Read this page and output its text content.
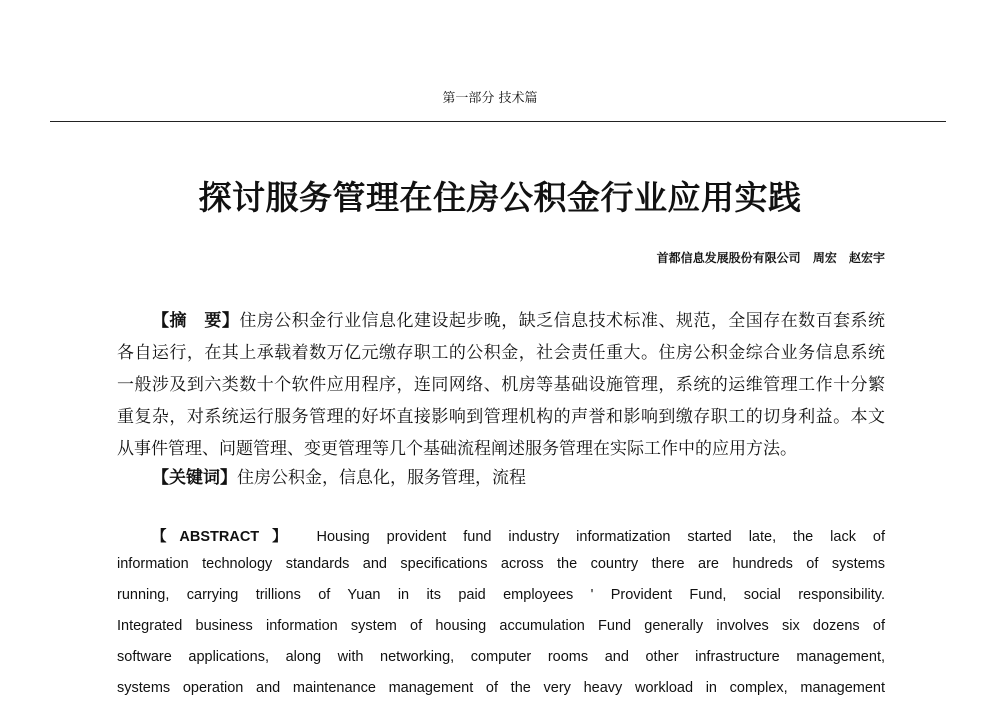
第一部分 技术篇
探讨服务管理在住房公积金行业应用实践
首都信息发展股份有限公司 周宏 赵宏宇
【摘　要】住房公积金行业信息化建设起步晚，缺乏信息技术标准、规范，全国存在数百套系统
各自运行，在其上承载着数万亿元缴存职工的公积金，社会责任重大。住房公积金综合业务信息系统
一般涉及到六类数十个软件应用程序，连同网络、机房等基础设施管理，系统的运维管理工作十分繁
重复杂，对系统运行服务管理的好坏直接影响到管理机构的声誉和影响到缴存职工的切身利益。本文
从事件管理、问题管理、变更管理等几个基础流程阐述服务管理在实际工作中的应用方法。
【关键词】住房公积金，信息化，服务管理，流程
【ABSTRACT】 Housing provident fund industry informatization started late, the lack of
information technology standards and specifications across the country there are hundreds of systems
running, carrying trillions of Yuan in its paid employees ' Provident Fund, social responsibility.
Integrated business information system of housing accumulation Fund generally involves six dozens of
software applications, along with networking, computer rooms and other infrastructure management,
systems operation and maintenance management of the very heavy workload in complex, management
